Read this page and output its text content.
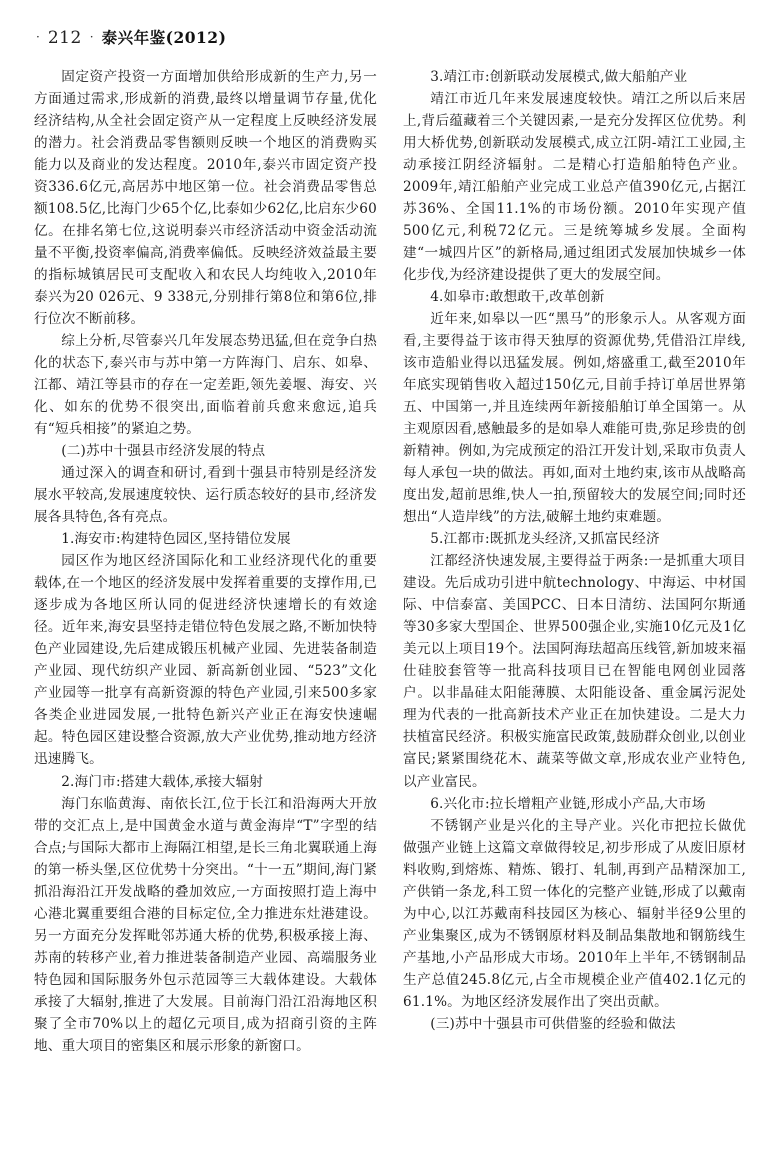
· 212 · 泰兴年鉴(2012)

固定资产投资一方面增加供给形成新的生产力,另一方面通过需求,形成新的消费,最终以增量调节存量,优化经济结构,从全社会固定资产从一定程度上反映经济发展的潜力。社会消费品零售额则反映一个地区的消费购买能力以及商业的发达程度。2010年,泰兴市固定资产投资336.6亿元,高居苏中地区第一位。社会消费品零售总额108.5亿,比海门少65个亿,比泰如少62亿,比启东少60亿。在排名第七位,这说明泰兴市经济活动中资金活动流量不平衡,投资率偏高,消费率偏低。反映经济效益最主要的指标城镇居民可支配收入和农民人均纯收入,2010年泰兴为20 026元、9 338元,分别排行第8位和第6位,排行位次不断前移。

综上分析,尽管泰兴几年发展态势迅猛,但在竞争白热化的状态下,泰兴市与苏中第一方阵海门、启东、如皋、江都、靖江等县市的存在一定差距,领先姜堰、海安、兴化、如东的优势不很突出,面临着前兵愈来愈远,追兵有“短兵相接”的紧迫之势。

(二)苏中十强县市经济发展的特点

通过深入的调查和研讨,看到十强县市特别是经济发展水平较高,发展速度较快、运行质态较好的县市,经济发展各具特色,各有亮点。

1.海安市:构建特色园区,坚持错位发展

园区作为地区经济国际化和工业经济现代化的重要载体,在一个地区的经济发展中发挥着重要的支撑作用,已逐步成为各地区所认同的促进经济快速增长的有效途径。近年来,海安县坚持走错位特色发展之路,不断加快特色产业园建设,先后建成锻压机械产业园、先进装备制造产业园、现代纺织产业园、新高新创业园、“523”文化产业园等一批享有高新资源的特色产业园,引来500多家各类企业进园发展,一批特色新兴产业正在海安快速崛起。特色园区建设整合资源,放大产业优势,推动地方经济迅速腾飞。

2.海门市:搭建大载体,承接大辐射

海门东临黄海、南依长江,位于长江和沿海两大开放带的交汇点上,是中国黄金水道与黄金海岸“T”字型的结合点;与国际大都市上海隔江相望,是长三角北翼联通上海的第一桥头堡,区位优势十分突出。“十一五”期间,海门紧抓沿海沿江开发战略的叠加效应,一方面按照打造上海中心港北翼重要组合港的目标定位,全力推进东灶港建设。另一方面充分发挥毗邻苏通大桥的优势,积极承接上海、苏南的转移产业,着力推进装备制造产业园、高端服务业特色园和国际服务外包示范园等三大载体建设。大载体承接了大辐射,推进了大发展。目前海门沿江沿海地区积聚了全市70%以上的超亿元项目,成为招商引资的主阵地、重大项目的密集区和展示形象的新窗口。

3.靖江市:创新联动发展模式,做大船舶产业

靖江市近几年来发展速度较快。靖江之所以后来居上,背后蕴藏着三个关键因素,一是充分发挥区位优势。利用大桥优势,创新联动发展模式,成立江阴-靖江工业园,主动承接江阴经济辐射。二是精心打造船舶特色产业。2009年,靖江船舶产业完成工业总产值390亿元,占据江苏36%、全国11.1%的市场份额。2010年实现产值500亿元,利税72亿元。三是统筹城乡发展。全面构建“一城四片区”的新格局,通过组团式发展加快城乡一体化步伐,为经济建设提供了更大的发展空间。

4.如皋市:敢想敢干,改革创新

近年来,如皋以一匹“黑马”的形象示人。从客观方面看,主要得益于该市得天独厚的资源优势,凭借沿江岸线,该市造船业得以迅猛发展。例如,熔盛重工,截至2010年年底实现销售收入超过150亿元,目前手持订单居世界第五、中国第一,并且连续两年新接船舶订单全国第一。从主观原因看,感触最多的是如皋人难能可贵,弥足珍贵的创新精神。例如,为完成预定的沿江开发计划,采取市负责人每人承包一块的做法。再如,面对土地约束,该市从战略高度出发,超前思维,快人一拍,预留较大的发展空间;同时还想出“人造岸线”的方法,破解土地约束难题。

5.江都市:既抓龙头经济,又抓富民经济

江都经济快速发展,主要得益于两条:一是抓重大项目建设。先后成功引进中航technology、中海运、中材国际、中信泰富、美国PCC、日本日清纺、法国阿尔斯通等30多家大型国企、世界500强企业,实施10亿元及1亿美元以上项目19个。法国阿海珐超高压线管,新加坡来福仕硅胶套管等一批高科技项目已在智能电网创业园落户。以非晶硅太阳能薄膜、太阳能设备、重金属污泥处理为代表的一批高新技术产业正在加快建设。二是大力扶植富民经济。积极实施富民政策,鼓励群众创业,以创业富民;紧紧围绕花木、蔬菜等做文章,形成农业产业特色,以产业富民。

6.兴化市:拉长增粗产业链,形成小产品,大市场

不锈钢产业是兴化的主导产业。兴化市把拉长做优做强产业链上这篇文章做得较足,初步形成了从废旧原材料收购,到熔炼、精炼、锻打、轧制,再到产品精深加工,产供销一条龙,科工贸一体化的完整产业链,形成了以戴南为中心,以江苏戴南科技园区为核心、辐射半径9公里的产业集聚区,成为不锈钢原材料及制品集散地和钢筋线生产基地,小产品形成大市场。2010年上半年,不锈钢制品生产总值245.8亿元,占全市规模企业产值402.1亿元的61.1%。为地区经济发展作出了突出贡献。

(三)苏中十强县市可供借鉴的经验和做法
